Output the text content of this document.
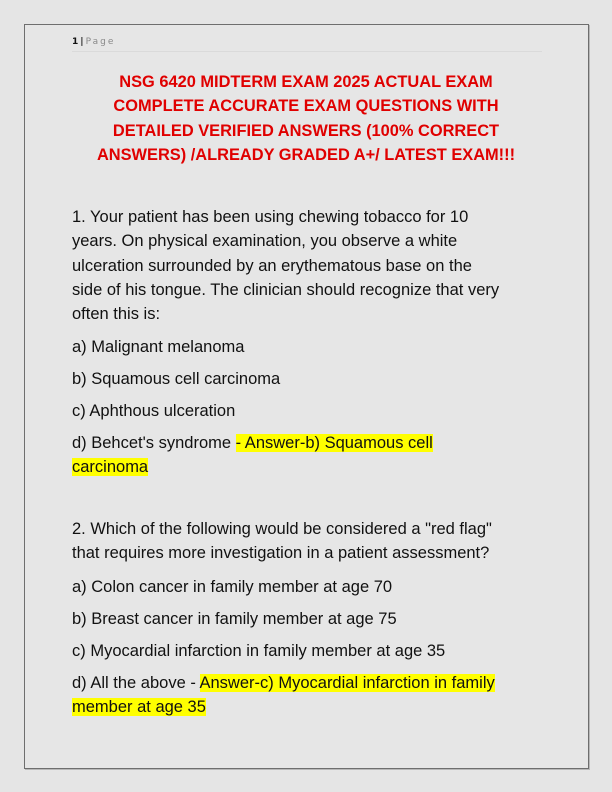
1 | Page
NSG 6420 MIDTERM EXAM 2025 ACTUAL EXAM
COMPLETE ACCURATE EXAM QUESTIONS WITH
DETAILED VERIFIED ANSWERS (100% CORRECT
ANSWERS) /ALREADY GRADED A+/ LATEST EXAM!!!
1. Your patient has been using chewing tobacco for 10
years. On physical examination, you observe a white
ulceration surrounded by an erythematous base on the
side of his tongue. The clinician should recognize that very
often this is:
a) Malignant melanoma
b) Squamous cell carcinoma
c) Aphthous ulceration
d) Behcet's syndrome - Answer-b) Squamous cell
carcinoma
2. Which of the following would be considered a "red flag"
that requires more investigation in a patient assessment?
a) Colon cancer in family member at age 70
b) Breast cancer in family member at age 75
c) Myocardial infarction in family member at age 35
d) All the above - Answer-c) Myocardial infarction in family
member at age 35
